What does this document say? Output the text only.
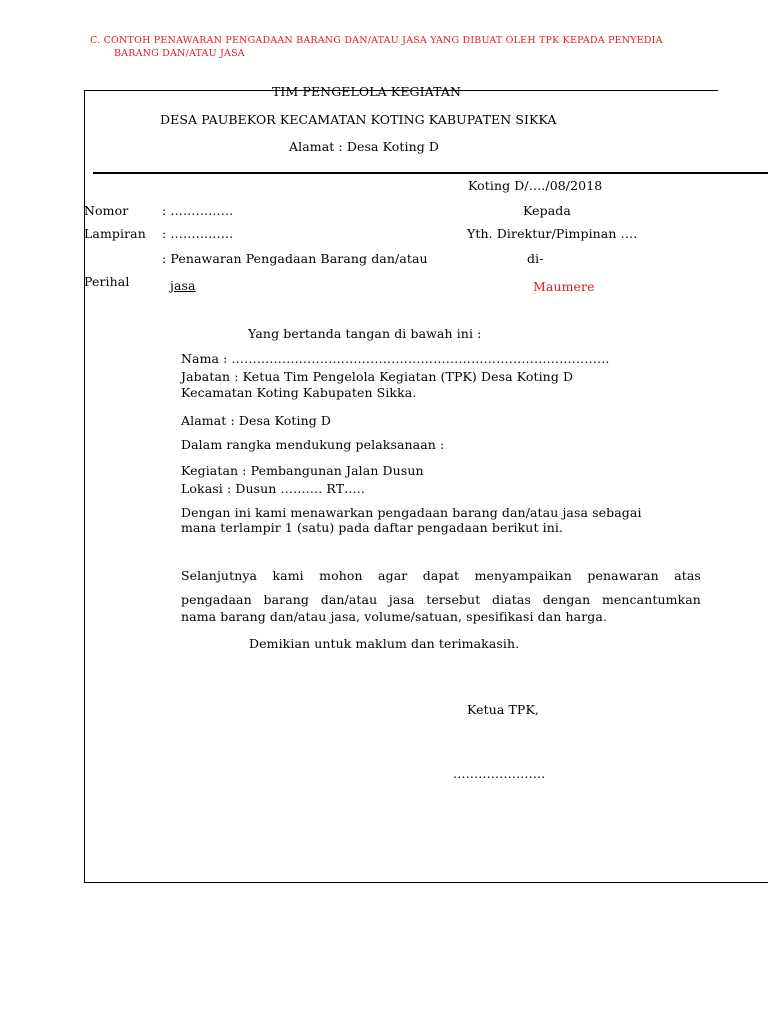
C. CONTOH PENAWARAN PENGADAAN BARANG DAN/ATAU JASA YANG DIBUAT OLEH TPK KEPADA PENYEDIA
BARANG DAN/ATAU JASA
TIM PENGELOLA KEGIATAN
DESA PAUBEKOR KECAMATAN KOTING KABUPATEN SIKKA
Alamat : Desa Koting D
Koting D/…./08/2018
Nomor	: ……………
Lampiran : ……………
: Penawaran Pengadaan Barang dan/atau
Perihal	jasa
Kepada
Yth. Direktur/Pimpinan ….
di-
Maumere
Yang bertanda tangan di bawah ini :
Nama : ………………………………………………………………………………
Jabatan : Ketua Tim Pengelola Kegiatan (TPK) Desa Koting D
Kecamatan Koting Kabupaten Sikka.
Alamat : Desa Koting D
Dalam rangka mendukung pelaksanaan :
Kegiatan : Pembangunan Jalan Dusun
Lokasi : Dusun ………. RT…..
Dengan ini kami menawarkan pengadaan barang dan/atau jasa sebagai
mana terlampir 1 (satu) pada daftar pengadaan berikut ini.
Selanjutnya kami mohon agar dapat menyampaikan penawaran atas
pengadaan barang dan/atau jasa tersebut diatas dengan mencantumkan
nama barang dan/atau jasa, volume/satuan, spesifikasi dan harga.
Demikian untuk maklum dan terimakasih.
Ketua TPK,
………………….
